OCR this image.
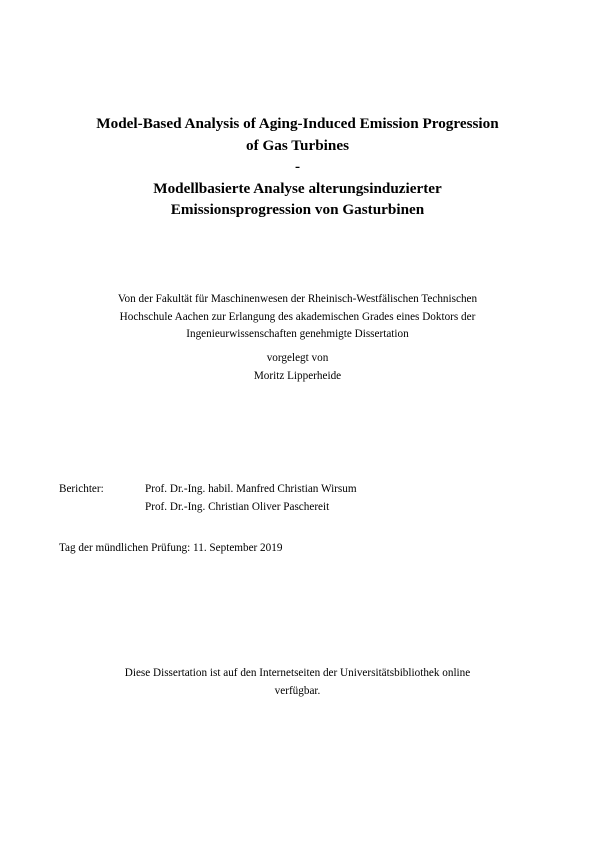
Model-Based Analysis of Aging-Induced Emission Progression
of Gas Turbines
-
Modellbasierte Analyse alterungsinduzierter
Emissionsprogression von Gasturbinen
Von der Fakultät für Maschinenwesen der Rheinisch-Westfälischen Technischen
Hochschule Aachen zur Erlangung des akademischen Grades eines Doktors der
Ingenieurwissenschaften genehmigte Dissertation
vorgelegt von
Moritz Lipperheide
Berichter:	Prof. Dr.-Ing. habil. Manfred Christian Wirsum
Prof. Dr.-Ing. Christian Oliver Paschereit
Tag der mündlichen Prüfung: 11. September 2019
Diese Dissertation ist auf den Internetseiten der Universitätsbibliothek online
verfügbar.
